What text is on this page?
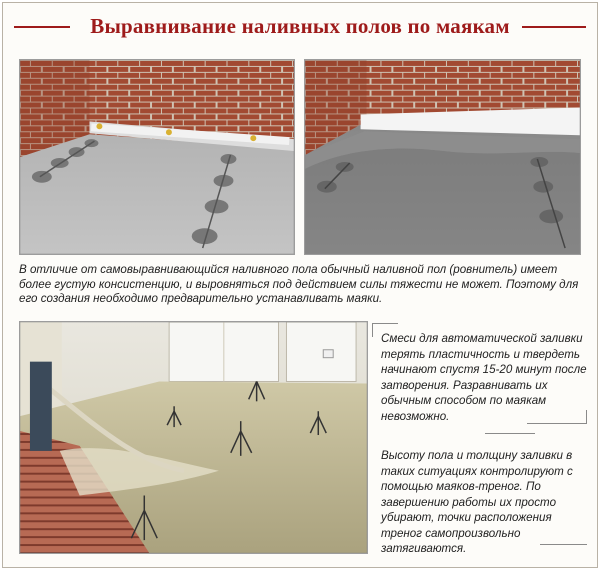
Выравнивание наливных полов по маякам

В отличие от самовыравнивающийся наливного пола обычный наливной пол (ровнитель) имеет более густую консистенцию, и выровняться под действием силы тяжести не может. Поэтому для его создания необходимо предварительно устанавливать маяки.

Смеси для автоматической заливки терять пластичность и твердеть начинают спустя 15-20 минут после затворения. Разравнивать их обычным способом по маякам невозможно.

Высоту пола и толщину заливки в таких ситуациях контролируют с помощью маяков-треног. По завершению работы их просто убирают, точки расположения треног самопроизвольно затягиваются.
